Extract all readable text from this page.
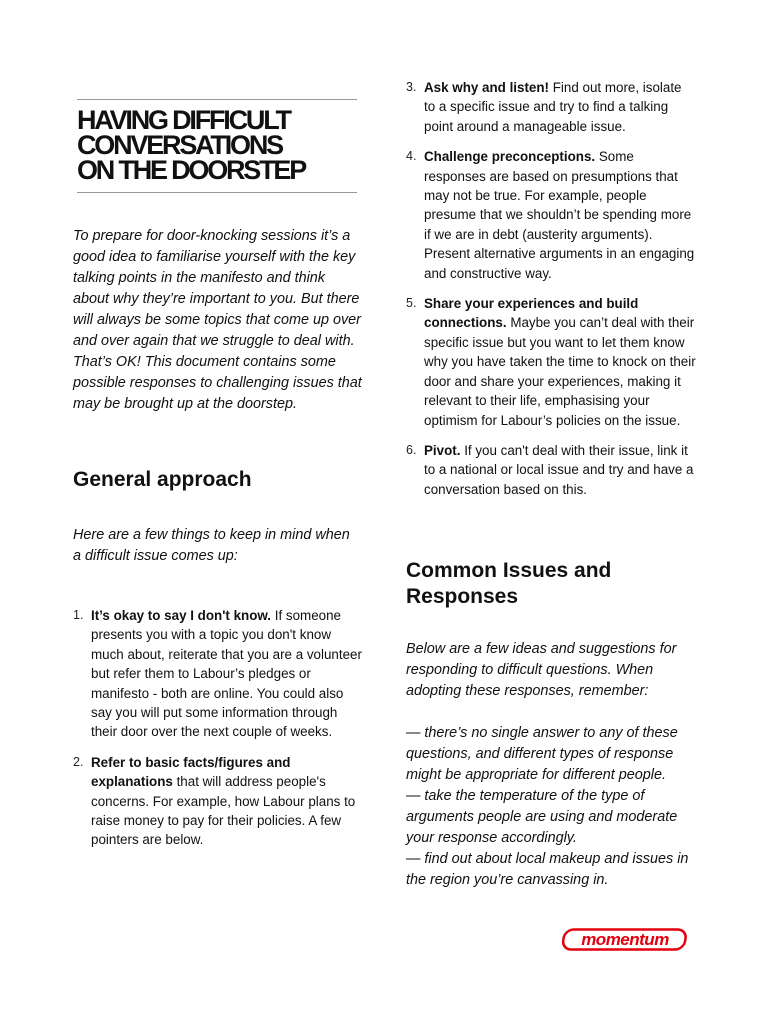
HAVING DIFFICULT
CONVERSATIONS
ON THE DOORSTEP

To prepare for door-knocking sessions it’s a good idea to familiarise yourself with the key talking points in the manifesto and think about why they’re important to you. But there will always be some topics that come up over and over again that we struggle to deal with. That’s OK! This document contains some possible responses to challenging issues that may be brought up at the doorstep.

General approach

Here are a few things to keep in mind when a difficult issue comes up:

1. It’s okay to say I don't know. If someone presents you with a topic you don't know much about, reiterate that you are a volunteer but refer them to Labour’s pledges or manifesto - both are online. You could also say you will put some information through their door over the next couple of weeks.
2. Refer to basic facts/figures and explanations that will address people's concerns. For example, how Labour plans to raise money to pay for their policies. A few pointers are below.
3. Ask why and listen! Find out more, isolate to a specific issue and try to find a talking point around a manageable issue.
4. Challenge preconceptions. Some responses are based on presumptions that may not be true. For example, people presume that we shouldn’t be spending more if we are in debt (austerity arguments). Present alternative arguments in an engaging and constructive way.
5. Share your experiences and build connections. Maybe you can’t deal with their specific issue but you want to let them know why you have taken the time to knock on their door and share your experiences, making it relevant to their life, emphasising your optimism for Labour’s policies on the issue.
6. Pivot. If you can't deal with their issue, link it to a national or local issue and try and have a conversation based on this.
Common Issues and
Responses

Below are a few ideas and suggestions for responding to difficult questions. When adopting these responses, remember:

— there’s no single answer to any of these questions, and different types of response might be appropriate for different people.

— take the temperature of the type of arguments people are using and moderate your response accordingly.

— find out about local makeup and issues in the region you’re canvassing in.

momentum
